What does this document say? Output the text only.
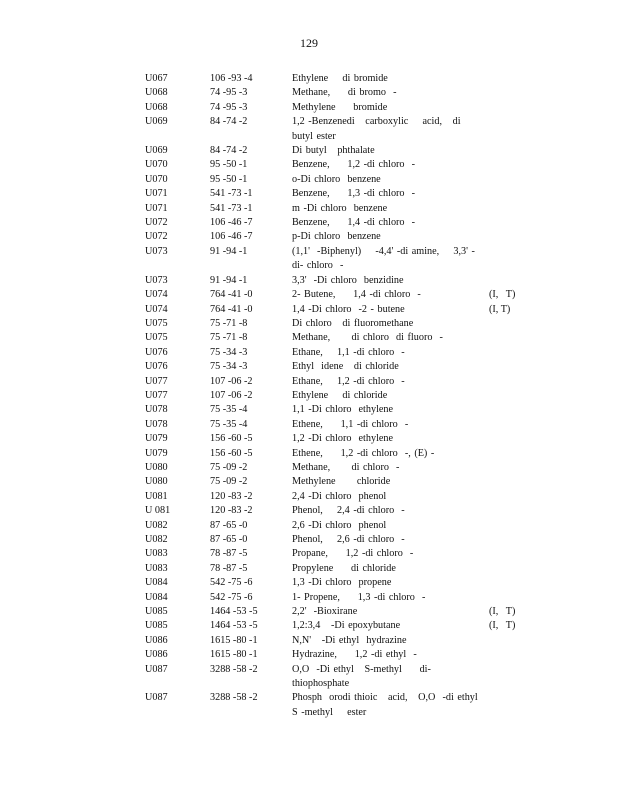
129
U067	106 -93 -4	Ethylene    di bromide
U068	74 -95 -3	Methane,     di bromo  -
U068	74 -95 -3	Methylene     bromide
U069	84 -74 -2	1,2 -Benzenedi   carboxylic    acid,   di butyl ester
U069	84 -74 -2	Di butyl   phthalate
U070	95 -50 -1	Benzene,     1,2 -di chloro  -
U070	95 -50 -1	o-Di chloro  benzene
U071	541 -73 -1	Benzene,     1,3 -di chloro  -
U071	541 -73 -1	m -Di chloro  benzene
U072	106 -46 -7	Benzene,     1,4 -di chloro  -
U072	106 -46 -7	p-Di chloro  benzene
U073	91 -94 -1	(1,1'  -Biphenyl)    -4,4' -di amine,    3,3' -di- chloro  -
U073	91 -94 -1	3,3'  -Di chloro  benzidine
U074	764 -41 -0	2- Butene,     1,4 -di chloro  -	(I,   T)
U074	764 -41 -0	1,4 -Di chloro  -2 - butene	(I, T)
U075	75 -71 -8	Di chloro   di fluoromethane
U075	75 -71 -8	Methane,      di chloro  di fluoro  -
U076	75 -34 -3	Ethane,    1,1 -di chloro  -
U076	75 -34 -3	Ethyl  idene   di chloride
U077	107 -06 -2	Ethane,    1,2 -di chloro  -
U077	107 -06 -2	Ethylene    di chloride
U078	75 -35 -4	1,1 -Di chloro  ethylene
U078	75 -35 -4	Ethene,     1,1 -di chloro  -
U079	156 -60 -5	1,2 -Di chloro  ethylene
U079	156 -60 -5	Ethene,     1,2 -di chloro  -, (E) -
U080	75 -09 -2	Methane,      di chloro  -
U080	75 -09 -2	Methylene      chloride
U081	120 -83 -2	2,4 -Di chloro  phenol
U 081	120 -83 -2	Phenol,    2,4 -di chloro  -
U082	87 -65 -0	2,6 -Di chloro  phenol
U082	87 -65 -0	Phenol,    2,6 -di chloro  -
U083	78 -87 -5	Propane,     1,2 -di chloro  -
U083	78 -87 -5	Propylene     di chloride
U084	542 -75 -6	1,3 -Di chloro  propene
U084	542 -75 -6	1- Propene,     1,3 -di chloro  -
U085	1464 -53 -5	2,2'  -Bioxirane	(I,   T)
U085	1464 -53 -5	1,2:3,4   -Di epoxybutane	(I,   T)
U086	1615 -80 -1	N,N'   -Di ethyl  hydrazine
U086	1615 -80 -1	Hydrazine,     1,2 -di ethyl  -
U087	3288 -58 -2	O,O  -Di ethyl   S-methyl     di- thiophosphate
U087	3288 -58 -2	Phosph  orodi thioic   acid,   O,O  -di ethyl S -methyl    ester
